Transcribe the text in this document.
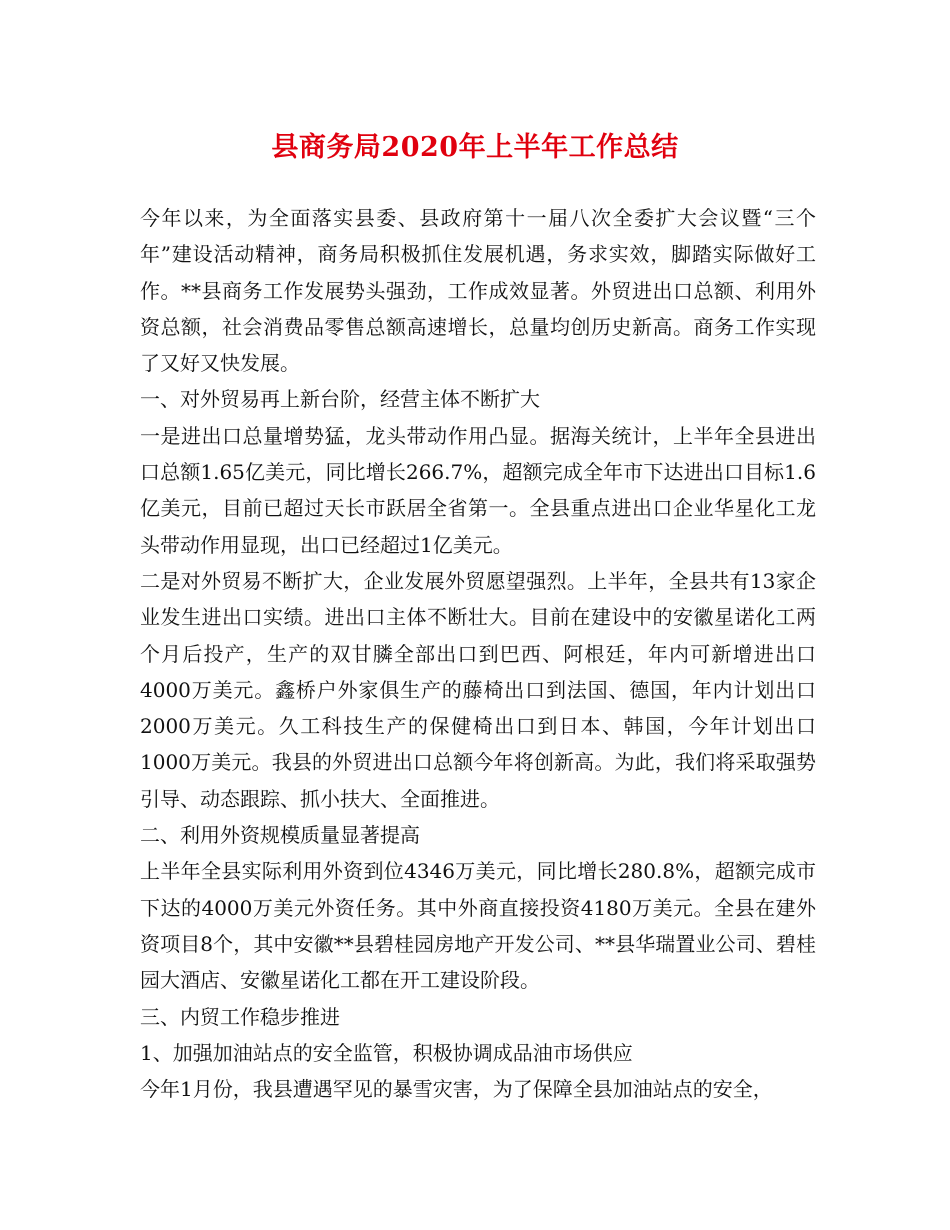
县商务局2020年上半年工作总结

今年以来，为全面落实县委、县政府第十一届八次全委扩大会议暨“三个年”建设活动精神，商务局积极抓住发展机遇，务求实效，脚踏实际做好工作。**县商务工作发展势头强劲，工作成效显著。外贸进出口总额、利用外资总额，社会消费品零售总额高速增长，总量均创历史新高。商务工作实现了又好又快发展。

一、对外贸易再上新台阶，经营主体不断扩大

一是进出口总量增势猛，龙头带动作用凸显。据海关统计，上半年全县进出口总额1.65亿美元，同比增长266.7%，超额完成全年市下达进出口目标1.6亿美元，目前已超过天长市跃居全省第一。全县重点进出口企业华星化工龙头带动作用显现，出口已经超过1亿美元。

二是对外贸易不断扩大，企业发展外贸愿望强烈。上半年，全县共有13家企业发生进出口实绩。进出口主体不断壮大。目前在建设中的安徽星诺化工两个月后投产，生产的双甘膦全部出口到巴西、阿根廷，年内可新增进出口4000万美元。鑫桥户外家俱生产的藤椅出口到法国、德国，年内计划出口2000万美元。久工科技生产的保健椅出口到日本、韩国，今年计划出口1000万美元。我县的外贸进出口总额今年将创新高。为此，我们将采取强势引导、动态跟踪、抓小扶大、全面推进。

二、利用外资规模质量显著提高

上半年全县实际利用外资到位4346万美元，同比增长280.8%，超额完成市下达的4000万美元外资任务。其中外商直接投资4180万美元。全县在建外资项目8个，其中安徽**县碧桂园房地产开发公司、**县华瑞置业公司、碧桂园大酒店、安徽星诺化工都在开工建设阶段。

三、内贸工作稳步推进

1、加强加油站点的安全监管，积极协调成品油市场供应

今年1月份，我县遭遇罕见的暴雪灾害，为了保障全县加油站点的安全，
